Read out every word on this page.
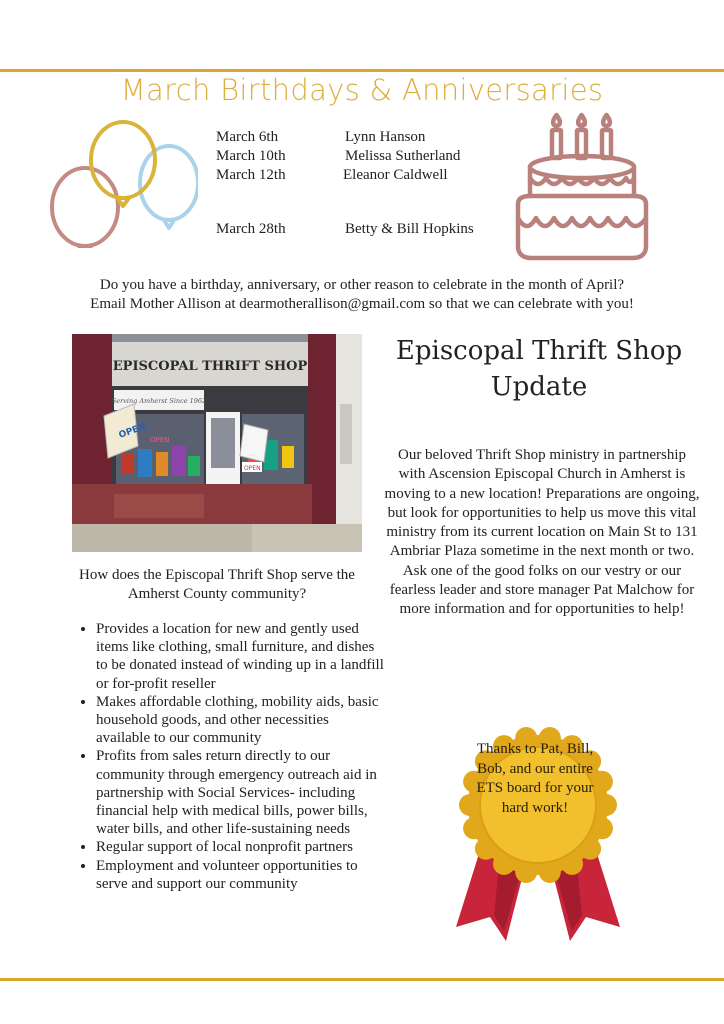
March Birthdays & Anniversaries
March 6th	Lynn Hanson
March 10th	Melissa Sutherland
March 12th	Eleanor Caldwell
March 28th	Betty & Bill Hopkins
Do you have a birthday, anniversary, or other reason to celebrate in the month of April?
Email Mother Allison at dearmotherallison@gmail.com so that we can celebrate with you!
EPISCOPAL THRIFT SHOP
Serving Amherst Since 1962
OPEN OPEN
OPEN
How does the Episcopal Thrift Shop serve the Amherst County community?
• Provides a location for new and gently used items like clothing, small furniture, and dishes to be donated instead of winding up in a landfill or for-profit reseller
• Makes affordable clothing, mobility aids, basic household goods, and other necessities available to our community
• Profits from sales return directly to our community through emergency outreach aid in partnership with Social Services- including financial help with medical bills, power bills, water bills, and other life-sustaining needs
• Regular support of local nonprofit partners
• Employment and volunteer opportunities to serve and support our community
Episcopal Thrift Shop Update
Our beloved Thrift Shop ministry in partnership with Ascension Episcopal Church in Amherst is moving to a new location! Preparations are ongoing, but look for opportunities to help us move this vital ministry from its current location on Main St to 131 Ambriar Plaza sometime in the next month or two. Ask one of the good folks on our vestry or our fearless leader and store manager Pat Malchow for more information and for opportunities to help!
Thanks to Pat, Bill, Bob, and our entire ETS board for your hard work!
